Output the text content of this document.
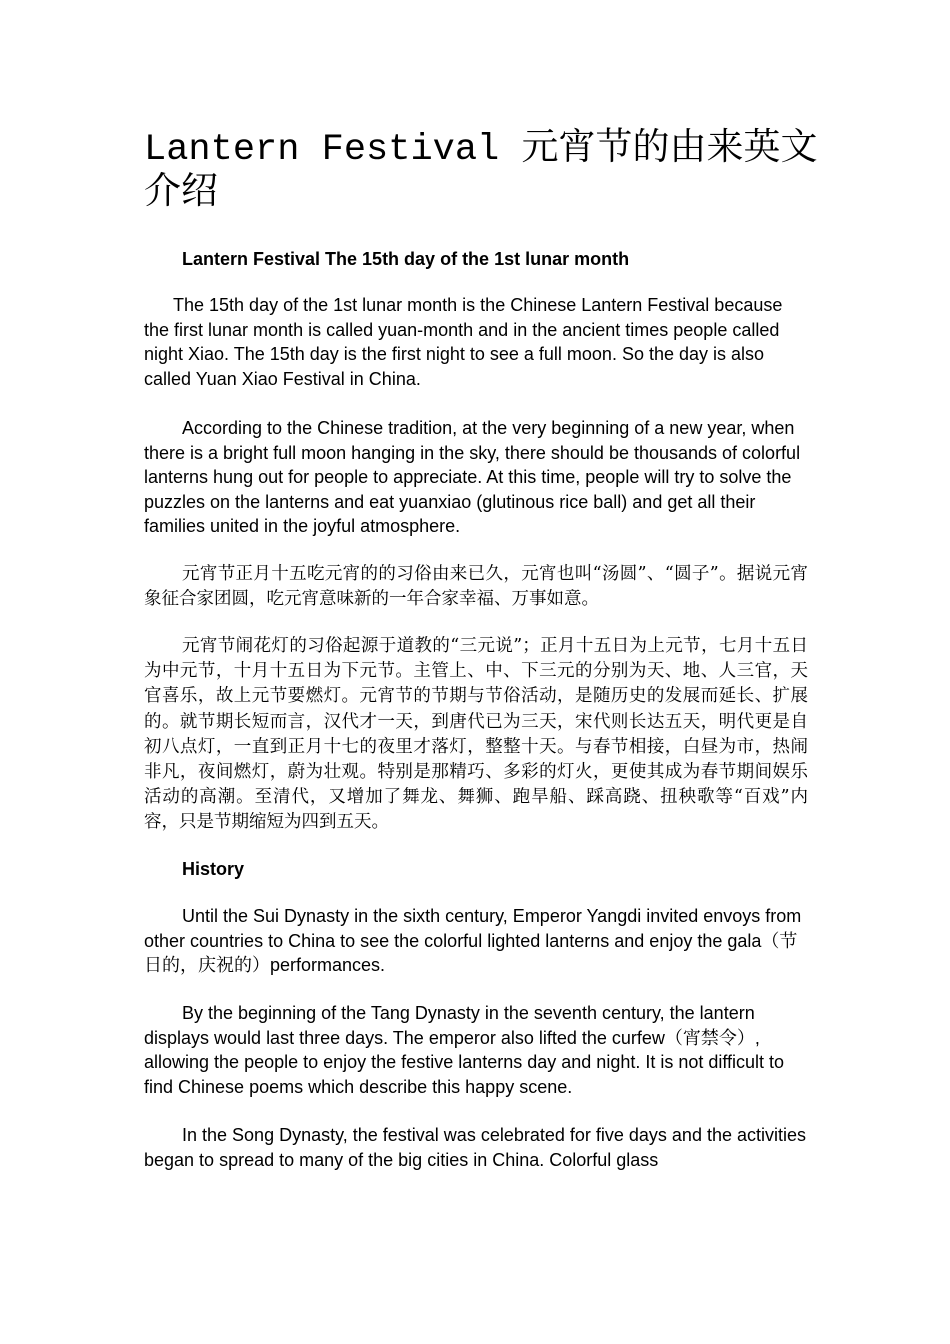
Lantern Festival 元宵节的由来英文介绍

Lantern Festival The 15th day of the 1st lunar month

The 15th day of the 1st lunar month is the Chinese Lantern Festival because the first lunar month is called yuan-month and in the ancient times people called night Xiao. The 15th day is the first night to see a full moon. So the day is also called Yuan Xiao Festival in China.

According to the Chinese tradition, at the very beginning of a new year, when there is a bright full moon hanging in the sky, there should be thousands of colorful lanterns hung out for people to appreciate. At this time, people will try to solve the puzzles on the lanterns and eat yuanxiao (glutinous rice ball) and get all their families united in the joyful atmosphere.

元宵节正月十五吃元宵的的习俗由来已久，元宵也叫“汤圆”、“圆子”。据说元宵象征合家团圆，吃元宵意味新的一年合家幸福、万事如意。

元宵节闹花灯的习俗起源于道教的“三元说”；正月十五日为上元节，七月十五日为中元节，十月十五日为下元节。主管上、中、下三元的分别为天、地、人三官，天官喜乐，故上元节要燃灯。元宵节的节期与节俗活动，是随历史的发展而延长、扩展的。就节期长短而言，汉代才一天，到唐代已为三天，宋代则长达五天，明代更是自初八点灯，一直到正月十七的夜里才落灯，整整十天。与春节相接，白昼为市，热闹非凡，夜间燃灯，蔚为壮观。特别是那精巧、多彩的灯火，更使其成为春节期间娱乐活动的高潮。至清代，又增加了舞龙、舞狮、跑旱船、踩高跷、扭秧歌等“百戏”内容，只是节期缩短为四到五天。

History

Until the Sui Dynasty in the sixth century, Emperor Yangdi invited envoys from other countries to China to see the colorful lighted lanterns and enjoy the gala（节日的，庆祝的）performances.

By the beginning of the Tang Dynasty in the seventh century, the lantern displays would last three days. The emperor also lifted the curfew（宵禁令）, allowing the people to enjoy the festive lanterns day and night. It is not difficult to find Chinese poems which describe this happy scene.

In the Song Dynasty, the festival was celebrated for five days and the activities began to spread to many of the big cities in China. Colorful glass
